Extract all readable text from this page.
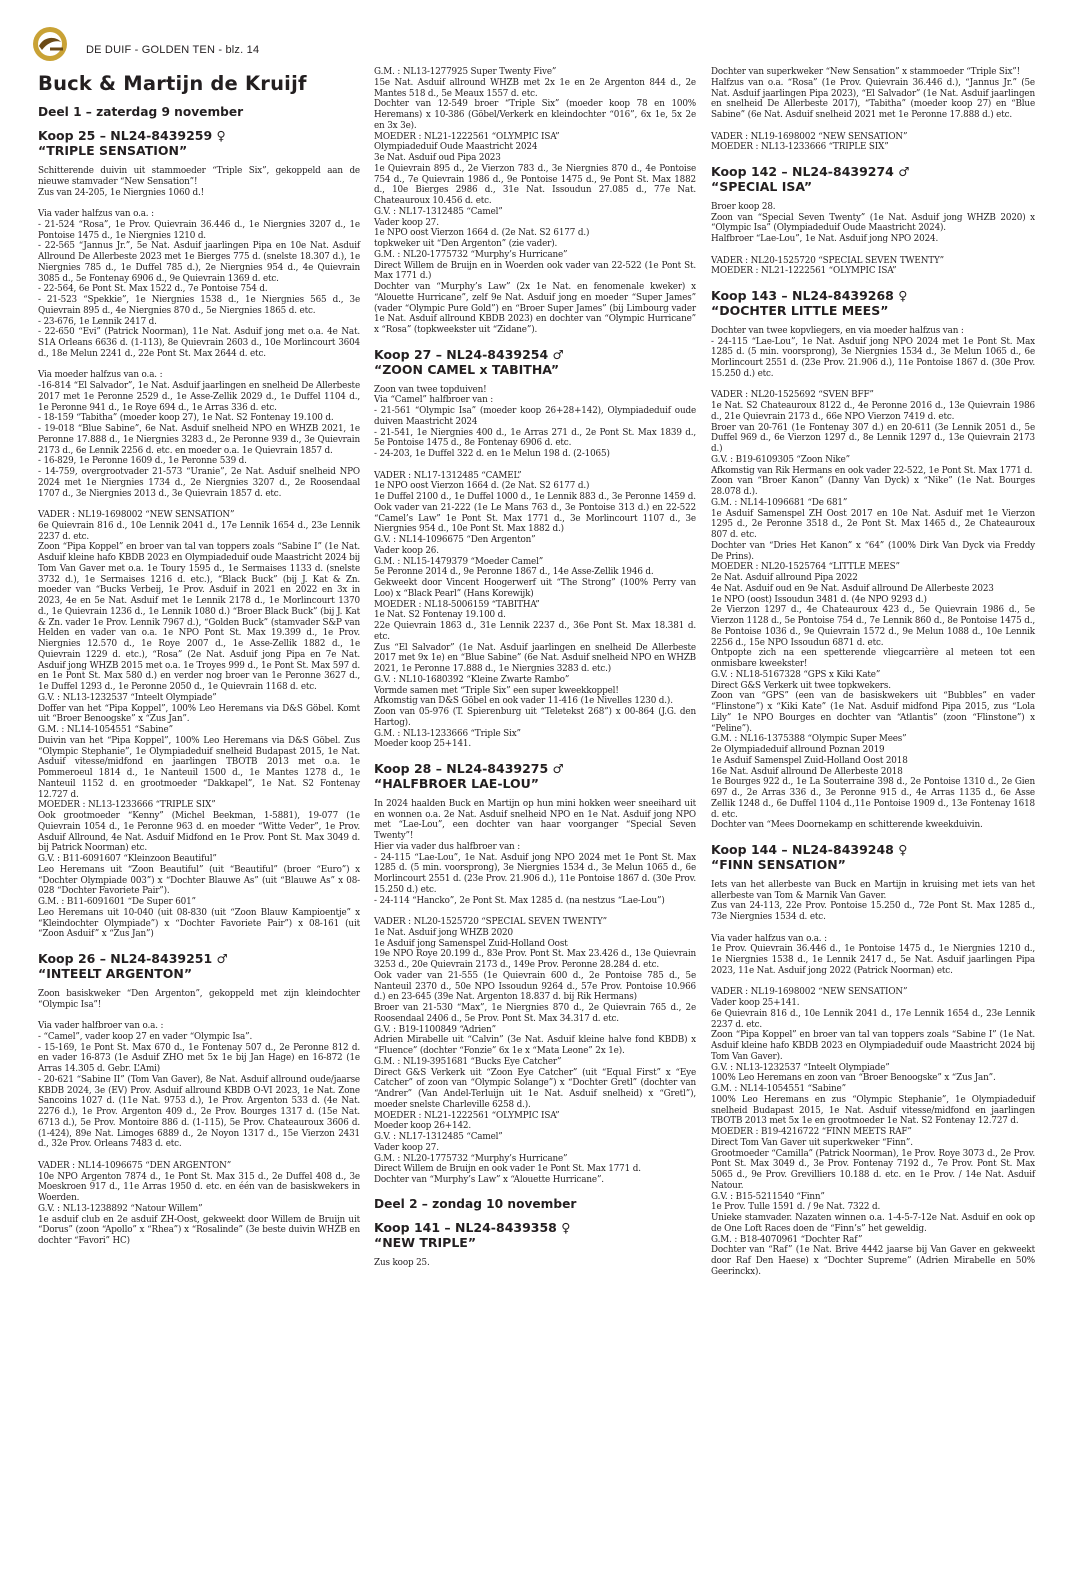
DE DUIF - GOLDEN TEN - blz. 14
Buck & Martijn de Kruijf
Deel 1 – zaterdag 9 november
Koop 25 – NL24-8439259 ♀
“TRIPLE SENSATION”
Schitterende duivin uit stammoeder “Triple Six”, gekoppeld aan de nieuwe stamvader “New Sensation”!
Zus van 24-205, 1e Niergnies 1060 d.!
Via vader halfzus van o.a. :
- 21-524 “Rosa”, 1e Prov. Quievrain 36.446 d., 1e Niergnies 3207 d., 1e Pontoise 1475 d., 1e Niergnies 1210 d.
- 22-565 “Jannus Jr.”, 5e Nat. Asduif jaarlingen Pipa en 10e Nat. Asduif Allround De Allerbeste 2023 met 1e Bierges 775 d. (snelste 18.307 d.), 1e Niergnies 785 d., 1e Duffel 785 d.), 2e Niergnies 954 d., 4e Quievrain 3085 d., 5e Fontenay 6906 d., 9e Quievrain 1369 d. etc.
- 22-564, 6e Pont St. Max 1522 d., 7e Pontoise 754 d.
- 21-523 “Spekkie”, 1e Niergnies 1538 d., 1e Niergnies 565 d., 3e Quievrain 895 d., 4e Niergnies 870 d., 5e Niergnies 1865 d. etc.
- 23-676, 1e Lennik 2417 d.
- 22-650 “Evi” (Patrick Noorman), 11e Nat. Asduif jong met o.a. 4e Nat. S1A Orleans 6636 d. (1-113), 8e Quievrain 2603 d., 10e Morlincourt 3604 d., 18e Melun 2241 d., 22e Pont St. Max 2644 d. etc.
Via moeder halfzus van o.a. :
-16-814 “El Salvador”, 1e Nat. Asduif jaarlingen en snelheid De Allerbeste 2017 met 1e Peronne 2529 d., 1e Asse-Zellik 2029 d., 1e Duffel 1104 d., 1e Peronne 941 d., 1e Roye 694 d., 1e Arras 336 d. etc.
- 18-159 “Tabitha” (moeder koop 27), 1e Nat. S2 Fontenay 19.100 d.
- 19-018 “Blue Sabine”, 6e Nat. Asduif snelheid NPO en WHZB 2021, 1e Peronne 17.888 d., 1e Niergnies 3283 d., 2e Peronne 939 d., 3e Quievrain 2173 d., 6e Lennik 2256 d. etc. en moeder o.a. 1e Quievrain 1857 d.
- 16-829, 1e Peronne 1609 d., 1e Peronne 539 d.
- 14-759, overgrootvader 21-573 “Uranie”, 2e Nat. Asduif snelheid NPO 2024 met 1e Niergnies 1734 d., 2e Niergnies 3207 d., 2e Roosendaal 1707 d., 3e Niergnies 2013 d., 3e Quievrain 1857 d. etc.
VADER : NL19-1698002 “NEW SENSATION”
6e Quievrain 816 d., 10e Lennik 2041 d., 17e Lennik 1654 d., 23e Lennik 2237 d. etc.
Zoon “Pipa Koppel” en broer van tal van toppers zoals “Sabine I” (1e Nat. Asduif kleine hafo KBDB 2023 en Olympiadeduif oude Maastricht 2024 bij Tom Van Gaver met o.a. 1e Toury 1595 d., 1e Sermaises 1133 d. (snelste 3732 d.), 1e Sermaises 1216 d. etc.), “Black Buck” (bij J. Kat & Zn. moeder van “Bucks Verbeij, 1e Prov. Asduif in 2021 en 2022 en 3x in 2023, 4e en 5e Nat. Asduif met 1e Lennik 2178 d., 1e Morlincourt 1370 d., 1e Quievrain 1236 d., 1e Lennik 1080 d.) “Broer Black Buck” (bij J. Kat & Zn. vader 1e Prov. Lennik 7967 d.), “Golden Buck” (stamvader S&P van Helden en vader van o.a. 1e NPO Pont St. Max 19.399 d., 1e Prov. Niergnies 12.570 d., 1e Roye 2007 d., 1e Asse-Zellik 1882 d., 1e Quievrain 1229 d. etc.), “Rosa” (2e Nat. Asduif jong Pipa en 7e Nat. Asduif jong WHZB 2015 met o.a. 1e Troyes 999 d., 1e Pont St. Max 597 d. en 1e Pont St. Max 580 d.) en verder nog broer van 1e Peronne 3627 d., 1e Duffel 1293 d., 1e Peronne 2050 d., 1e Quievrain 1168 d. etc.
G.V. : NL13-1232537 “Inteelt Olympiade”
Doffer van het “Pipa Koppel”, 100% Leo Heremans via D&S Göbel. Komt uit “Broer Benoogske” x “Zus Jan”.
G.M. : NL14-1054551 “Sabine”
Duivin van het “Pipa Koppel”, 100% Leo Heremans via D&S Göbel. Zus “Olympic Stephanie”, 1e Olympiadeduif snelheid Budapast 2015, 1e Nat. Asduif vitesse/midfond en jaarlingen TBOTB 2013 met o.a. 1e Pommeroeul 1814 d., 1e Nanteuil 1500 d., 1e Mantes 1278 d., 1e Nanteuil 1152 d. en grootmoeder “Dakkapel”, 1e Nat. S2 Fontenay 12.727 d.
MOEDER : NL13-1233666 “TRIPLE SIX”
Ook grootmoeder “Kenny” (Michel Beekman, 1-5881), 19-077 (1e Quievrain 1054 d., 1e Peronne 963 d. en moeder “Witte Veder”, 1e Prov. Asduif Allround, 4e Nat. Asduif Midfond en 1e Prov. Pont St. Max 3049 d. bij Patrick Noorman) etc.
G.V. : B11-6091607 “Kleinzoon Beautiful”
Leo Heremans uit “Zoon Beautiful” (uit “Beautiful” (broer “Euro”) x “Dochter Olympiade 003”) x “Dochter Blauwe As” (uit “Blauwe As” x 08-028 “Dochter Favoriete Pair”).
G.M. : B11-6091601 “De Super 601”
Leo Heremans uit 10-040 (uit 08-830 (uit “Zoon Blauw Kampioentje” x “Kleindochter Olympiade”) x “Dochter Favoriete Pair”) x 08-161 (uit “Zoon Asduif” x “Zus Jan”)
Koop 26 – NL24-8439251 ♂
“INTEELT ARGENTON”
Zoon basiskweker “Den Argenton”, gekoppeld met zijn kleindochter “Olympic Isa”!
Via vader halfbroer van o.a. :
- “Camel”, vader koop 27 en vader “Olympic Isa”.
- 15-169, 1e Pont St. Max 670 d., 1e Fontenay 507 d., 2e Peronne 812 d. en vader 16-873 (1e Asduif ZHO met 5x 1e bij Jan Hage) en 16-872 (1e Arras 14.305 d. Gebr. L’Ami)
- 20-621 “Sabine II” (Tom Van Gaver), 8e Nat. Asduif allround oude/jaarse KBDB 2024, 3e (EV) Prov. Asduif allround KBDB O-VI 2023, 1e Nat. Zone Sancoins 1027 d. (11e Nat. 9753 d.), 1e Prov. Argenton 533 d. (4e Nat. 2276 d.), 1e Prov. Argenton 409 d., 2e Prov. Bourges 1317 d. (15e Nat. 6713 d.), 5e Prov. Montoire 886 d. (1-115), 5e Prov. Chateauroux 3606 d. (1-424), 89e Nat. Limoges 6889 d., 2e Noyon 1317 d., 15e Vierzon 2431 d., 32e Prov. Orleans 7483 d. etc.
VADER : NL14-1096675 “DEN ARGENTON”
10e NPO Argenton 7874 d., 1e Pont St. Max 315 d., 2e Duffel 408 d., 3e Moeskroen 917 d., 11e Arras 1950 d. etc. en één van de basiskwekers in Woerden.
G.V. : NL13-1238892 “Natour Willem”
1e asduif club en 2e asduif ZH-Oost, gekweekt door Willem de Bruijn uit “Dorus” (zoon “Apollo” x “Rhea”) x “Rosalinde” (3e beste duivin WHZB en dochter “Favori” HC)
G.M. : NL13-1277925 Super Twenty Five”
15e Nat. Asduif allround WHZB met 2x 1e en 2e Argenton 844 d., 2e Mantes 518 d., 5e Meaux 1557 d. etc.
Dochter van 12-549 broer “Triple Six” (moeder koop 78 en 100% Heremans) x 10-386 (Göbel/Verkerk en kleindochter “016”, 6x 1e, 5x 2e en 3x 3e).
MOEDER : NL21-1222561 “OLYMPIC ISA”
Olympiadeduif Oude Maastricht 2024
3e Nat. Asduif oud Pipa 2023
1e Quievrain 895 d., 2e Vierzon 783 d., 3e Niergnies 870 d., 4e Pontoise 754 d., 7e Quievrain 1986 d., 9e Pontoise 1475 d., 9e Pont St. Max 1882 d., 10e Bierges 2986 d., 31e Nat. Issoudun 27.085 d., 77e Nat. Chateauroux 10.456 d. etc.
G.V. : NL17-1312485 “Camel”
Vader koop 27.
1e NPO oost Vierzon 1664 d. (2e Nat. S2 6177 d.)
topkweker uit “Den Argenton” (zie vader).
G.M. : NL20-1775732 “Murphy’s Hurricane”
Direct Willem de Bruijn en in Woerden ook vader van 22-522 (1e Pont St. Max 1771 d.)
Dochter van “Murphy’s Law” (2x 1e Nat. en fenomenale kweker) x “Alouette Hurricane”, zelf 9e Nat. Asduif jong en moeder “Super James” (vader “Olympic Pure Gold”) en “Broer Super James” (bij Limbourg vader 1e Nat. Asduif allround KBDB 2023) en dochter van “Olympic Hurricane” x “Rosa” (topkweekster uit “Zidane”).
Koop 27 – NL24-8439254 ♂
“ZOON CAMEL x TABITHA”
Zoon van twee topduiven!
Via “Camel” halfbroer van :
- 21-561 “Olympic Isa” (moeder koop 26+28+142), Olympiadeduif oude duiven Maastricht 2024
- 21-541, 1e Niergnies 400 d., 1e Arras 271 d., 2e Pont St. Max 1839 d., 5e Pontoise 1475 d., 8e Fontenay 6906 d. etc.
- 24-203, 1e Duffel 322 d. en 1e Melun 198 d. (2-1065)
VADER : NL17-1312485 “CAMEL”
1e NPO oost Vierzon 1664 d. (2e Nat. S2 6177 d.)
1e Duffel 2100 d., 1e Duffel 1000 d., 1e Lennik 883 d., 3e Peronne 1459 d.
Ook vader van 21-222 (1e Le Mans 763 d., 3e Pontoise 313 d.) en 22-522 “Camel’s Law” 1e Pont St. Max 1771 d., 3e Morlincourt 1107 d., 3e Niergnies 954 d., 10e Pont St. Max 1882 d.)
G.V. : NL14-1096675 “Den Argenton”
Vader koop 26.
G.M. : NL15-1479379 “Moeder Camel”
5e Peronne 2014 d., 9e Peronne 1867 d., 14e Asse-Zellik 1946 d.
Gekweekt door Vincent Hoogerwerf uit “The Strong” (100% Perry van Loo) x “Black Pearl” (Hans Korewijk)
MOEDER : NL18-5006159 “TABITHA”
1e Nat. S2 Fontenay 19.100 d.
22e Quievrain 1863 d., 31e Lennik 2237 d., 36e Pont St. Max 18.381 d. etc.
Zus “El Salvador” (1e Nat. Asduif jaarlingen en snelheid De Allerbeste 2017 met 9x 1e) en “Blue Sabine” (6e Nat. Asduif snelheid NPO en WHZB 2021, 1e Peronne 17.888 d., 1e Niergnies 3283 d. etc.)
G.V. : NL10-1680392 “Kleine Zwarte Rambo”
Vormde samen met “Triple Six” een super kweekkoppel!
Afkomstig van D&S Göbel en ook vader 11-416 (1e Nivelles 1230 d.).
Zoon van 05-976 (T. Spierenburg uit “Teletekst 268”) x 00-864 (J.G. den Hartog).
G.M. : NL13-1233666 “Triple Six”
Moeder koop 25+141.
Koop 28 – NL24-8439275 ♂
“HALFBROER LAE-LOU”
In 2024 haalden Buck en Martijn op hun mini hokken weer sneeihard uit en wonnen o.a. 2e Nat. Asduif snelheid NPO en 1e Nat. Asduif jong NPO met “Lae-Lou”, een dochter van haar voorganger “Special Seven Twenty”!
Hier via vader dus halfbroer van :
- 24-115 “Lae-Lou”, 1e Nat. Asduif jong NPO 2024 met 1e Pont St. Max 1285 d. (5 min. voorsprong), 3e Niergnies 1534 d., 3e Melun 1065 d., 6e Morlincourt 2551 d. (23e Prov. 21.906 d.), 11e Pontoise 1867 d. (30e Prov. 15.250 d.) etc.
- 24-114 “Hancko”, 2e Pont St. Max 1285 d. (na nestzus “Lae-Lou”)
VADER : NL20-1525720 “SPECIAL SEVEN TWENTY”
1e Nat. Asduif jong WHZB 2020
1e Asduif jong Samenspel Zuid-Holland Oost
19e NPO Roye 20.199 d., 83e Prov. Pont St. Max 23.426 d., 13e Quievrain 3253 d., 20e Quievrain 2173 d., 149e Prov. Peronne 28.284 d. etc.
Ook vader van 21-555 (1e Quievrain 600 d., 2e Pontoise 785 d., 5e Nanteuil 2370 d., 50e NPO Issoudun 9264 d., 57e Prov. Pontoise 10.966 d.) en 23-645 (39e Nat. Argenton 18.837 d. bij Rik Hermans)
Broer van 21-530 “Max”, 1e Niergnies 870 d., 2e Quievrain 765 d., 2e Roosendaal 2406 d., 5e Prov. Pont St. Max 34.317 d. etc.
G.V. : B19-1100849 “Adrien”
Adrien Mirabelle uit “Calvin” (3e Nat. Asduif kleine halve fond KBDB) x “Fluence” (dochter “Fonzie” 6x 1e x “Mata Leone” 2x 1e).
G.M. : NL19-3951681 “Bucks Eye Catcher”
Direct G&S Verkerk uit “Zoon Eye Catcher” (uit “Equal First” x “Eye Catcher” of zoon van “Olympic Solange”) x “Dochter Gretl” (dochter van “Andrer” (Van Andel-Terluijn uit 1e Nat. Asduif snelheid) x “Gretl”), moeder snelste Charleville 6258 d.).
MOEDER : NL21-1222561 “OLYMPIC ISA”
Moeder koop 26+142.
G.V. : NL17-1312485 “Camel”
Vader koop 27.
G.M. : NL20-1775732 “Murphy’s Hurricane”
Direct Willem de Bruijn en ook vader 1e Pont St. Max 1771 d.
Dochter van “Murphy’s Law” x “Alouette Hurricane”.
Deel 2 – zondag 10 november
Koop 141 – NL24-8439358 ♀
“NEW TRIPLE”
Zus koop 25.
Dochter van superkweker “New Sensation” x stammoeder “Triple Six”!
Halfzus van o.a. “Rosa” (1e Prov. Quievrain 36.446 d.), “Jannus Jr.” (5e Nat. Asduif jaarlingen Pipa 2023), “El Salvador” (1e Nat. Asduif jaarlingen en snelheid De Allerbeste 2017), “Tabitha” (moeder koop 27) en “Blue Sabine” (6e Nat. Asduif snelheid 2021 met 1e Peronne 17.888 d.) etc.
VADER : NL19-1698002 “NEW SENSATION”
MOEDER : NL13-1233666 “TRIPLE SIX”
Koop 142 – NL24-8439274 ♂
“SPECIAL ISA”
Broer koop 28.
Zoon van “Special Seven Twenty” (1e Nat. Asduif jong WHZB 2020) x “Olympic Isa” (Olympiadeduif Oude Maastricht 2024).
Halfbroer “Lae-Lou”, 1e Nat. Asduif jong NPO 2024.
VADER : NL20-1525720 “SPECIAL SEVEN TWENTY”
MOEDER : NL21-1222561 “OLYMPIC ISA”
Koop 143 – NL24-8439268 ♀
“DOCHTER LITTLE MEES”
Dochter van twee kopvliegers, en via moeder halfzus van :
- 24-115 “Lae-Lou”, 1e Nat. Asduif jong NPO 2024 met 1e Pont St. Max 1285 d. (5 min. voorsprong), 3e Niergnies 1534 d., 3e Melun 1065 d., 6e Morlincourt 2551 d. (23e Prov. 21.906 d.), 11e Pontoise 1867 d. (30e Prov. 15.250 d.) etc.
VADER : NL20-1525692 “SVEN BFF”
1e Nat. S2 Chateauroux 8122 d., 4e Peronne 2016 d., 13e Quievrain 1986 d., 21e Quievrain 2173 d., 66e NPO Vierzon 7419 d. etc.
Broer van 20-761 (1e Fontenay 307 d.) en 20-611 (3e Lennik 2051 d., 5e Duffel 969 d., 6e Vierzon 1297 d., 8e Lennik 1297 d., 13e Quievrain 2173 d.)
G.V. : B19-6109305 “Zoon Nike”
Afkomstig van Rik Hermans en ook vader 22-522, 1e Pont St. Max 1771 d.
Zoon van “Broer Kanon” (Danny Van Dyck) x “Nike” (1e Nat. Bourges 28.078 d.).
G.M. : NL14-1096681 “De 681”
1e Asduif Samenspel ZH Oost 2017 en 10e Nat. Asduif met 1e Vierzon 1295 d., 2e Peronne 3518 d., 2e Pont St. Max 1465 d., 2e Chateauroux 807 d. etc.
Dochter van “Dries Het Kanon” x “64” (100% Dirk Van Dyck via Freddy De Prins).
MOEDER : NL20-1525764 “LITTLE MEES”
2e Nat. Asduif allround Pipa 2022
4e Nat. Asduif oud en 9e Nat. Asduif allround De Allerbeste 2023
1e NPO (oost) Issoudun 3481 d. (4e NPO 9293 d.)
2e Vierzon 1297 d., 4e Chateauroux 423 d., 5e Quievrain 1986 d., 5e Vierzon 1128 d., 5e Pontoise 754 d., 7e Lennik 860 d., 8e Pontoise 1475 d., 8e Pontoise 1036 d., 9e Quievrain 1572 d., 9e Melun 1088 d., 10e Lennik 2256 d., 15e NPO Issoudun 6871 d. etc.
Ontpopte zich na een spetterende vliegcarrière al meteen tot een onmisbare kweekster!
G.V. : NL18-5167328 “GPS x Kiki Kate”
Direct G&S Verkerk uit twee topkwekers.
Zoon van “GPS” (een van de basiskwekers uit “Bubbles” en vader “Flinstone”) x “Kiki Kate” (1e Nat. Asduif midfond Pipa 2015, zus “Lola Lily” 1e NPO Bourges en dochter van “Atlantis” (zoon “Flinstone”) x “Peline”).
G.M. : NL16-1375388 “Olympic Super Mees”
2e Olympiadeduif allround Poznan 2019
1e Asduif Samenspel Zuid-Holland Oost 2018
16e Nat. Asduif allround De Allerbeste 2018
1e Bourges 922 d., 1e La Souterraine 398 d., 2e Pontoise 1310 d., 2e Gien 697 d., 2e Arras 336 d., 3e Peronne 915 d., 4e Arras 1135 d., 6e Asse Zellik 1248 d., 6e Duffel 1104 d.,11e Pontoise 1909 d., 13e Fontenay 1618 d. etc.
Dochter van “Mees Doornekamp en schitterende kweekduivin.
Koop 144 – NL24-8439248 ♀
“FINN SENSATION”
Iets van het allerbeste van Buck en Martijn in kruising met iets van het allerbeste van Tom & Marnik Van Gaver.
Zus van 24-113, 22e Prov. Pontoise 15.250 d., 72e Pont St. Max 1285 d., 73e Niergnies 1534 d. etc.
Via vader halfzus van o.a. :
1e Prov. Quievrain 36.446 d., 1e Pontoise 1475 d., 1e Niergnies 1210 d., 1e Niergnies 1538 d., 1e Lennik 2417 d., 5e Nat. Asduif jaarlingen Pipa 2023, 11e Nat. Asduif jong 2022 (Patrick Noorman) etc.
VADER : NL19-1698002 “NEW SENSATION”
Vader koop 25+141.
6e Quievrain 816 d., 10e Lennik 2041 d., 17e Lennik 1654 d., 23e Lennik 2237 d. etc.
Zoon “Pipa Koppel” en broer van tal van toppers zoals “Sabine I” (1e Nat. Asduif kleine hafo KBDB 2023 en Olympiadeduif oude Maastricht 2024 bij Tom Van Gaver).
G.V. : NL13-1232537 “Inteelt Olympiade”
100% Leo Heremans en zoon van “Broer Benoogske” x “Zus Jan”.
G.M. : NL14-1054551 “Sabine”
100% Leo Heremans en zus “Olympic Stephanie”, 1e Olympiadeduif snelheid Budapast 2015, 1e Nat. Asduif vitesse/midfond en jaarlingen TBOTB 2013 met 5x 1e en grootmoeder 1e Nat. S2 Fontenay 12.727 d.
MOEDER : B19-4216722 “FINN MEETS RAF”
Direct Tom Van Gaver uit superkweker “Finn”.
Grootmoeder “Camilla” (Patrick Noorman), 1e Prov. Roye 3073 d., 2e Prov. Pont St. Max 3049 d., 3e Prov. Fontenay 7192 d., 7e Prov. Pont St. Max 5065 d., 9e Prov. Grevilliers 10.188 d. etc. en 1e Prov. / 14e Nat. Asduif Natour.
G.V. : B15-5211540 “Finn”
1e Prov. Tulle 1591 d. / 9e Nat. 7322 d.
Unieke stamvader. Nazaten winnen o.a. 1-4-5-7-12e Nat. Asduif en ook op de One Loft Races doen de “Finn’s” het geweldig.
G.M. : B18-4070961 “Dochter Raf”
Dochter van “Raf” (1e Nat. Brive 4442 jaarse bij Van Gaver en gekweekt door Raf Den Haese) x “Dochter Supreme” (Adrien Mirabelle en 50% Geerinckx).
